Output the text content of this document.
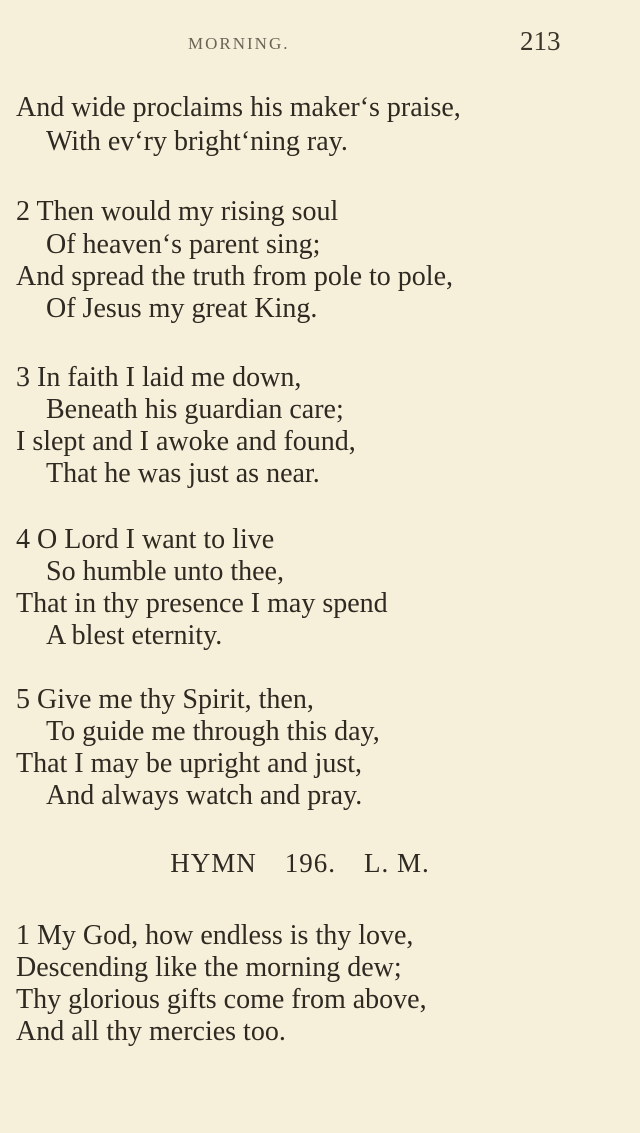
MORNING.	213
And wide proclaims his maker‘s praise,
With ev‘ry bright‘ning ray.
2 Then would my rising soul
Of heaven‘s parent sing;
And spread the truth from pole to pole,
Of Jesus my great King.
3 In faith I laid me down,
Beneath his guardian care;
I slept and I awoke and found,
That he was just as near.
4 O Lord I want to live
So humble unto thee,
That in thy presence I may spend
A blest eternity.
5 Give me thy Spirit, then,
To guide me through this day,
That I may be upright and just,
And always watch and pray.
1 My God, how endless is thy love,
Descending like the morning dew;
Thy glorious gifts come from above,
And all thy mercies too.
HYMN 196. L. M.
